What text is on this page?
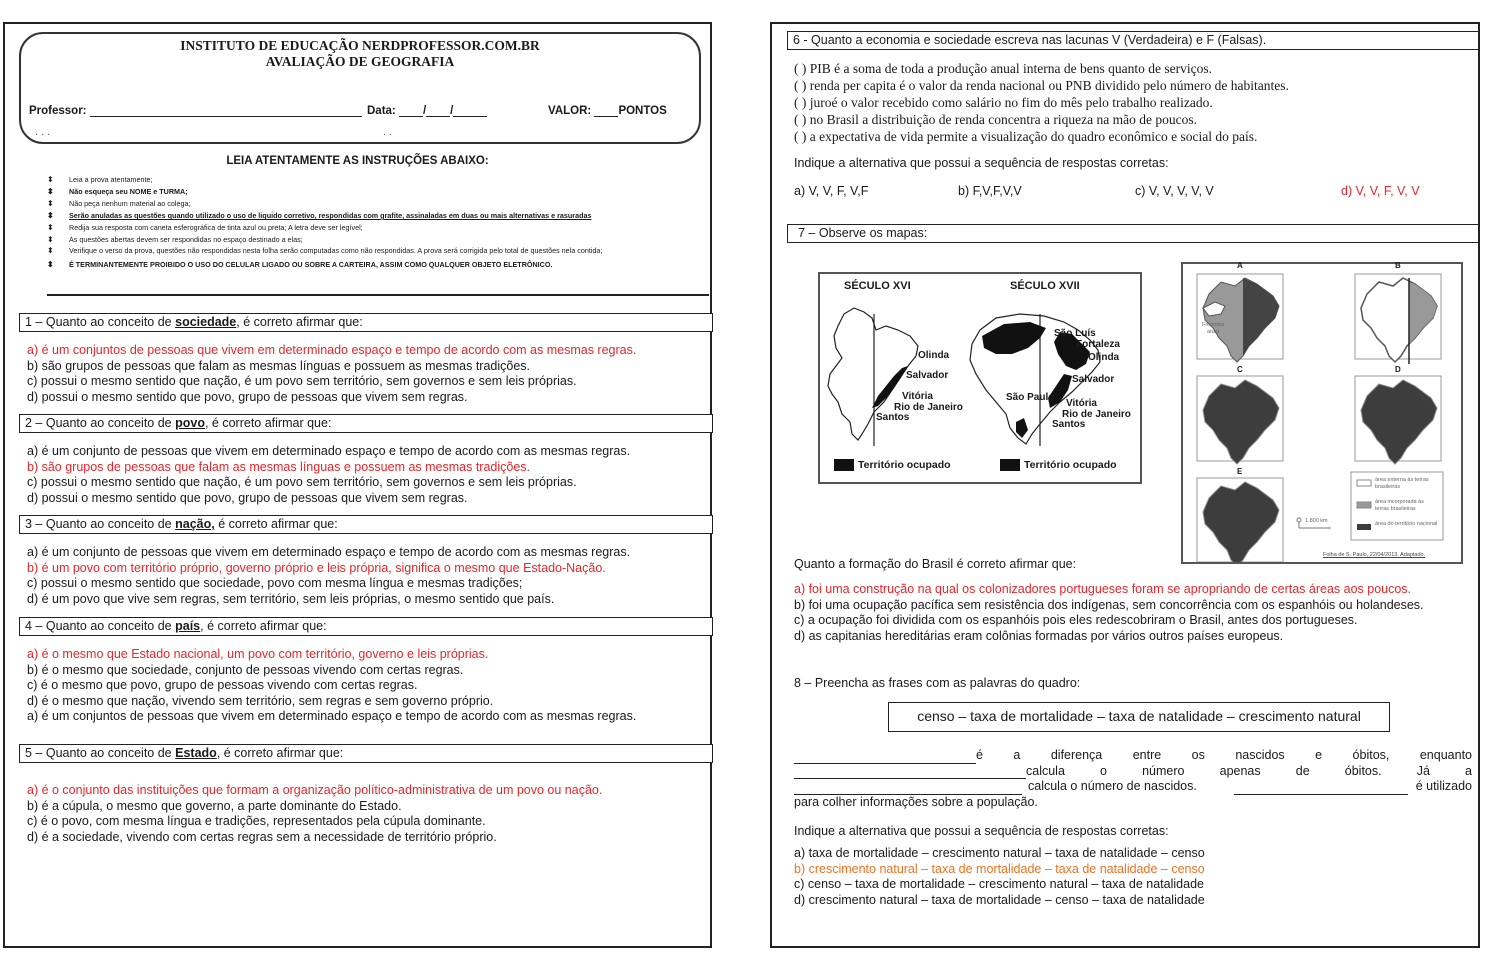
INSTITUTO DE EDUCAÇÃO NERDPROFESSOR.COM.BR
AVALIAÇÃO DE GEOGRAFIA
Professor:	Data: / /	VALOR: PONTOS
. . .	. .
LEIA ATENTAMENTE AS INSTRUÇÕES ABAIXO:
⬍ Leia a prova atentamente;
⬍ Não esqueça seu NOME e TURMA;
⬍ Não peça nenhum material ao colega;
⬍ Serão anuladas as questões quando utilizado o uso de liquido corretivo, respondidas com grafite, assinaladas em duas ou mais alternativas e rasuradas
⬍ Redija sua resposta com caneta esferográfica de tinta azul ou preta; A letra deve ser legível;
⬍ As questões abertas devem ser respondidas no espaço destinado a elas;
⬍ Verifique o verso da prova, questões não respondidas nesta folha serão computadas como não respondidas. A prova será corrigida pelo total de questões nela contida;
⬍ É TERMINANTEMENTE PROIBIDO O USO DO CELULAR LIGADO OU SOBRE A CARTEIRA, ASSIM COMO QUALQUER OBJETO ELETRÔNICO.
1 – Quanto ao conceito de sociedade, é correto afirmar que:
a) é um conjuntos de pessoas que vivem em determinado espaço e tempo de acordo com as mesmas regras.
b) são grupos de pessoas que falam as mesmas línguas e possuem as mesmas tradições.
c) possui o mesmo sentido que nação, é um povo sem território, sem governos e sem leis próprias.
d) possui o mesmo sentido que povo, grupo de pessoas que vivem sem regras.
2 – Quanto ao conceito de povo, é correto afirmar que:
a) é um conjunto de pessoas que vivem em determinado espaço e tempo de acordo com as mesmas regras.
b) são grupos de pessoas que falam as mesmas línguas e possuem as mesmas tradições.
c) possui o mesmo sentido que nação, é um povo sem território, sem governos e sem leis próprias.
d) possui o mesmo sentido que povo, grupo de pessoas que vivem sem regras.
3 – Quanto ao conceito de nação, é correto afirmar que:
a) é um conjunto de pessoas que vivem em determinado espaço e tempo de acordo com as mesmas regras.
b) é um povo com território próprio, governo próprio e leis própria, significa o mesmo que Estado-Nação.
c) possui o mesmo sentido que sociedade, povo com mesma língua e mesmas tradições;
d) é um povo que vive sem regras, sem território, sem leis próprias, o mesmo sentido que país.
4 – Quanto ao conceito de país, é correto afirmar que:
a) é o mesmo que Estado nacional, um povo com território, governo e leis próprias.
b) é o mesmo que sociedade, conjunto de pessoas vivendo com certas regras.
c) é o mesmo que povo, grupo de pessoas vivendo com certas regras.
d) é o mesmo que nação, vivendo sem território, sem regras e sem governo próprio.
a) é um conjuntos de pessoas que vivem em determinado espaço e tempo de acordo com as mesmas regras.
5 – Quanto ao conceito de Estado, é correto afirmar que:
a) é o conjunto das instituições que formam a organização político-administrativa de um povo ou nação.
b) é a cúpula, o mesmo que governo, a parte dominante do Estado.
c) é o povo, com mesma língua e tradições, representados pela cúpula dominante.
d) é a sociedade, vivendo com certas regras sem a necessidade de território próprio.
6 - Quanto a economia e sociedade escreva nas lacunas V (Verdadeira) e F (Falsas).
( ) PIB é a soma de toda a produção anual interna de bens quanto de serviços.
( ) renda per capita é o valor da renda nacional ou PNB dividido pelo número de habitantes.
( ) juroé o valor recebido como salário no fim do mês pelo trabalho realizado.
( ) no Brasil a distribuição de renda concentra a riqueza na mão de poucos.
( ) a expectativa de vida permite a visualização do quadro econômico e social do país.
Indique a alternativa que possui a sequência de respostas corretas:
a) V, V, F, V,F	b) F,V,F,V,V	c) V, V, V, V, V	d) V, V, F, V, V
7 – Observe os mapas:
SÉCULO XVI	SÉCULO XVII
Olinda
Salvador
Vitória
Rio de Janeiro
Santos
São Luís
Fortaleza
Olinda
Salvador
São Paulo
Vitória
Rio de Janeiro
Santos
Território ocupado	Território ocupado
A	B
C	D
E
Fronteira atual
área externa às terras brasileiras
área incorporada às terras brasileiras
área do território nacional
1.800 km
Folha de S. Paulo, 22/04/2013. Adaptado.
Quanto a formação do Brasil é correto afirmar que:
a) foi uma construção na qual os colonizadores portugueses foram se apropriando de certas áreas aos poucos.
b) foi uma ocupação pacífica sem resistência dos indígenas, sem concorrência com os espanhóis ou holandeses.
c) a ocupação foi dividida com os espanhóis pois eles redescobriram o Brasil, antes dos portugueses.
d) as capitanias hereditárias eram colônias formadas por vários outros países europeus.
8 – Preencha as frases com as palavras do quadro:
censo – taxa de mortalidade – taxa de natalidade – crescimento natural
é a diferença entre os nascidos e óbitos, enquanto
calcula o número apenas de óbitos. Já a
calcula o número de nascidos.	é utilizado
para colher informações sobre a população.
Indique a alternativa que possui a sequência de respostas corretas:
a) taxa de mortalidade – crescimento natural – taxa de natalidade – censo
b) crescimento natural – taxa de mortalidade – taxa de natalidade – censo
c) censo – taxa de mortalidade – crescimento natural – taxa de natalidade
d) crescimento natural – taxa de mortalidade – censo – taxa de natalidade
